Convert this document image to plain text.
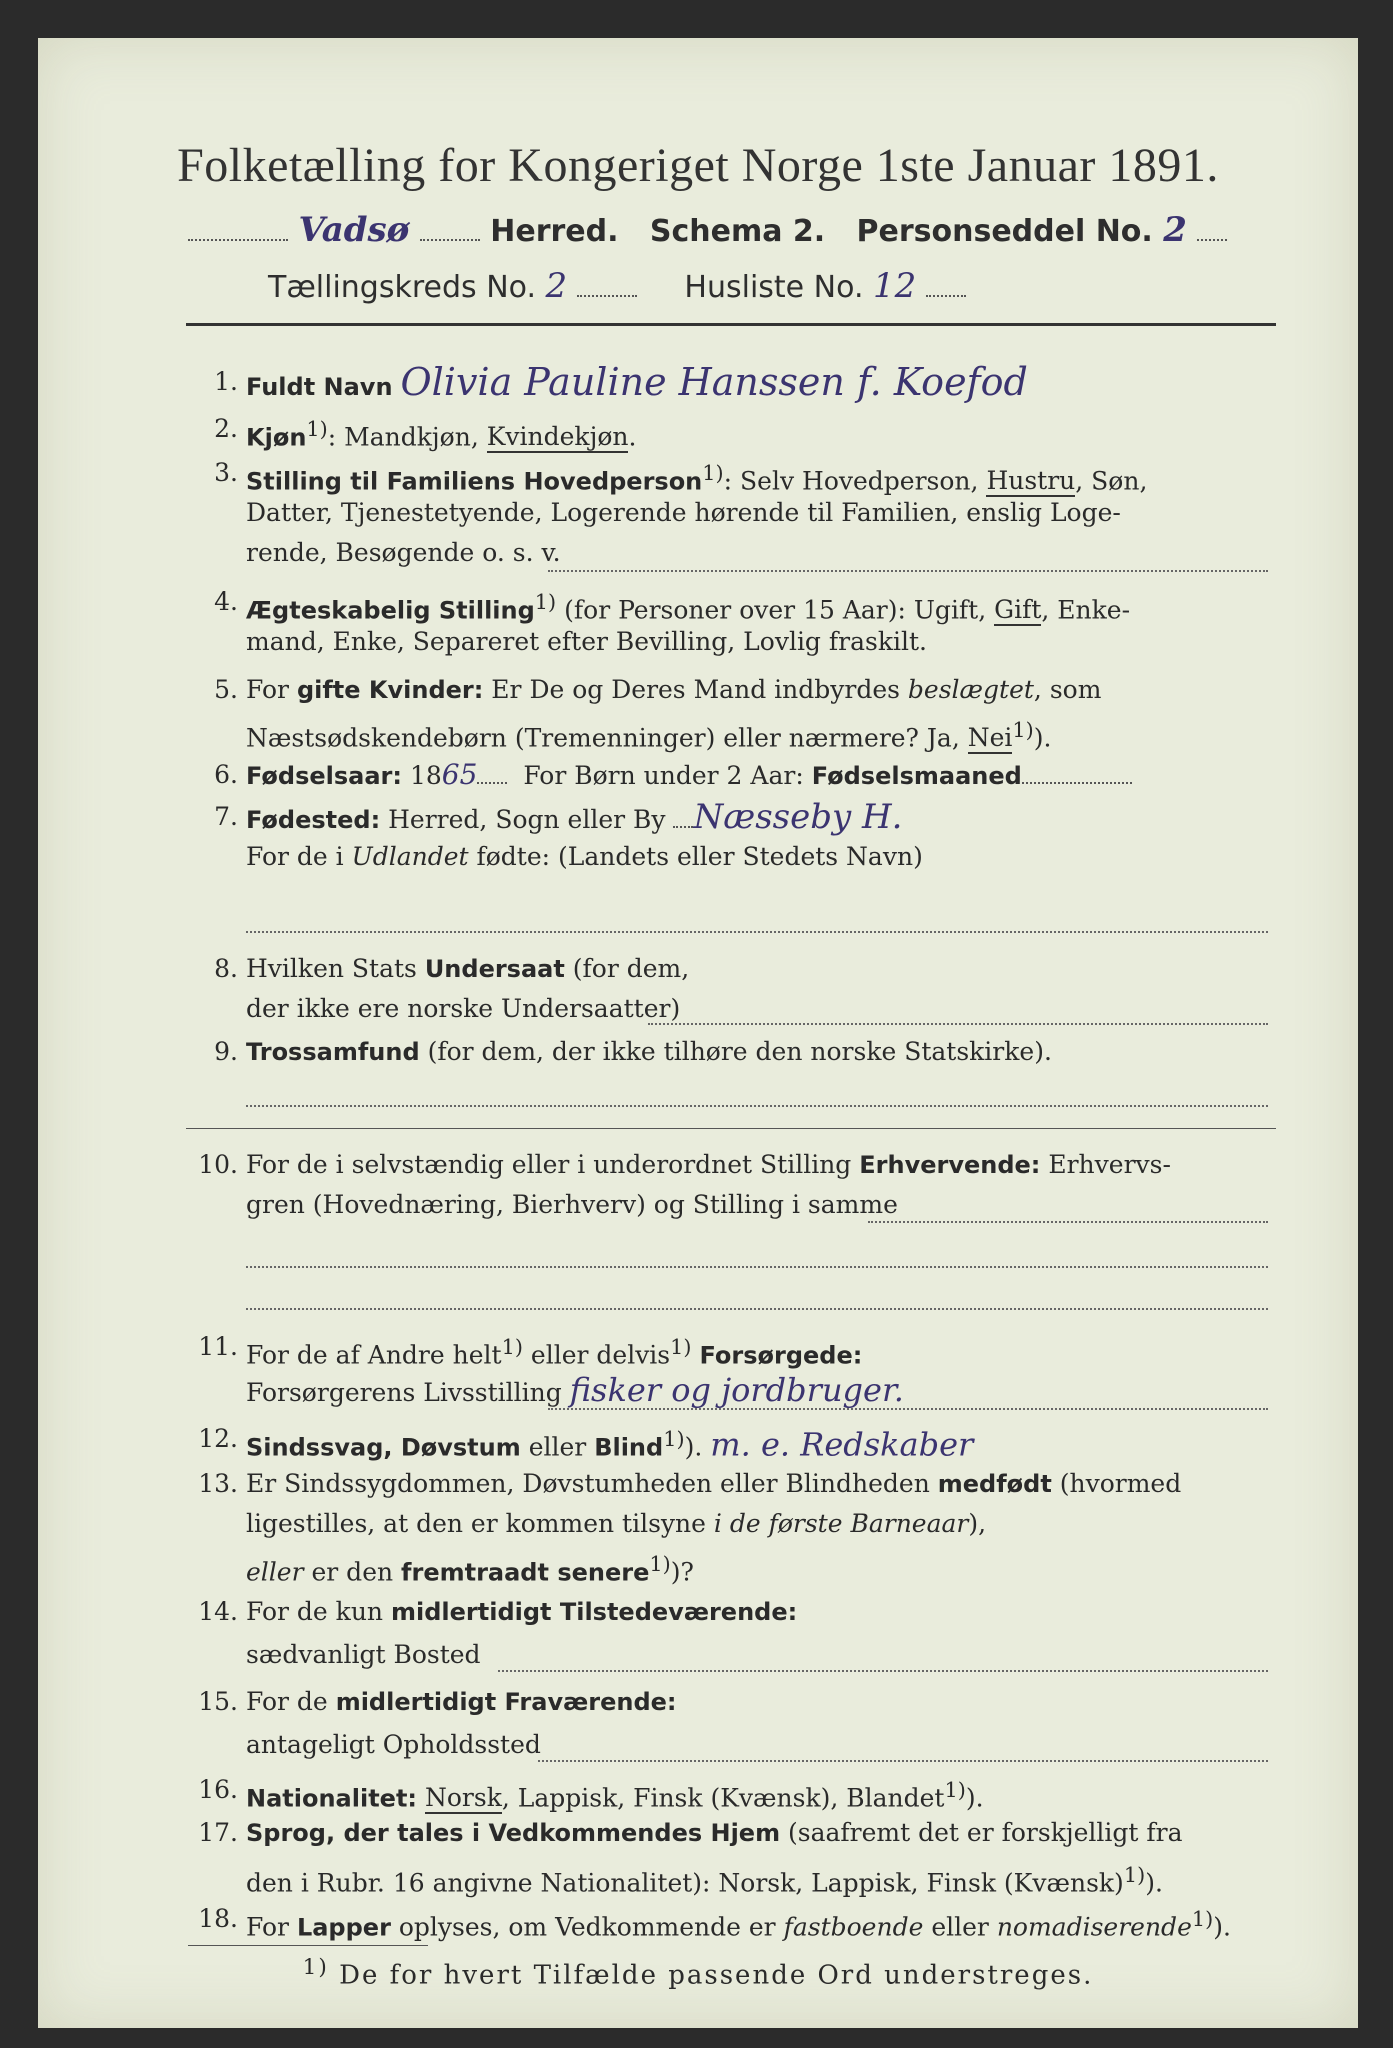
Folketælling for Kongeriget Norge 1ste Januar 1891.
Vadsø	Herred. Schema 2. Personseddel No. 2
Tællingskreds No. 2	Husliste No. 12
1. Fuldt Navn Olivia Pauline Hanssen f. Koefod
2. Kjøn$^{1)}$: Mandkjøn, Kvindekjøn.
3. Stilling til Familiens Hovedperson$^{1)}$: Selv Hovedperson, Hustru, Søn,
Datter, Tjenestetyende, Logerende hørende til Familien, enslig Loge-
rende, Besøgende o. s. v.
4. Ægteskabelig Stilling$^{1)}$ (for Personer over 15 Aar): Ugift, Gift, Enke-
mand, Enke, Separeret efter Bevilling, Lovlig fraskilt.
5. For gifte Kvinder: Er De og Deres Mand indbyrdes beslægtet, som
Næstsødskendebørn (Tremenninger) eller nærmere? Ja, Nei$^{1)}$).
6. Fødselsaar: 1865 For Børn under 2 Aar: Fødselsmaaned
7. Fødested: Herred, Sogn eller By Næsseby H.
For de i Udlandet fødte: (Landets eller Stedets Navn)
8. Hvilken Stats Undersaat (for dem,
der ikke ere norske Undersaatter)
9. Trossamfund (for dem, der ikke tilhøre den norske Statskirke).
10. For de i selvstændig eller i underordnet Stilling Erhvervende: Erhvervs-
gren (Hovednæring, Bierhverv) og Stilling i samme
11. For de af Andre helt$^{1)}$ eller delvis$^{1)}$ Forsørgede:
Forsørgerens Livsstilling fisker og jordbruger.
12. Sindssvag, Døvstum eller Blind$^{1)}$). m. e. Redskaber
13. Er Sindssygdommen, Døvstumheden eller Blindheden medfødt (hvormed
ligestilles, at den er kommen tilsyne i de første Barneaar),
eller er den fremtraadt senere$^{1)}$)?
14. For de kun midlertidigt Tilstedeværende:
sædvanligt Bosted
15. For de midlertidigt Fraværende:
antageligt Opholdssted
16. Nationalitet: Norsk, Lappisk, Finsk (Kvænsk), Blandet$^{1)}$).
17. Sprog, der tales i Vedkommendes Hjem (saafremt det er forskjelligt fra
den i Rubr. 16 angivne Nationalitet): Norsk, Lappisk, Finsk (Kvænsk)$^{1)}$).
18. For Lapper oplyses, om Vedkommende er fastboende eller nomadiserende$^{1)}$).
$^{1)}$ De for hvert Tilfælde passende Ord understreges.
